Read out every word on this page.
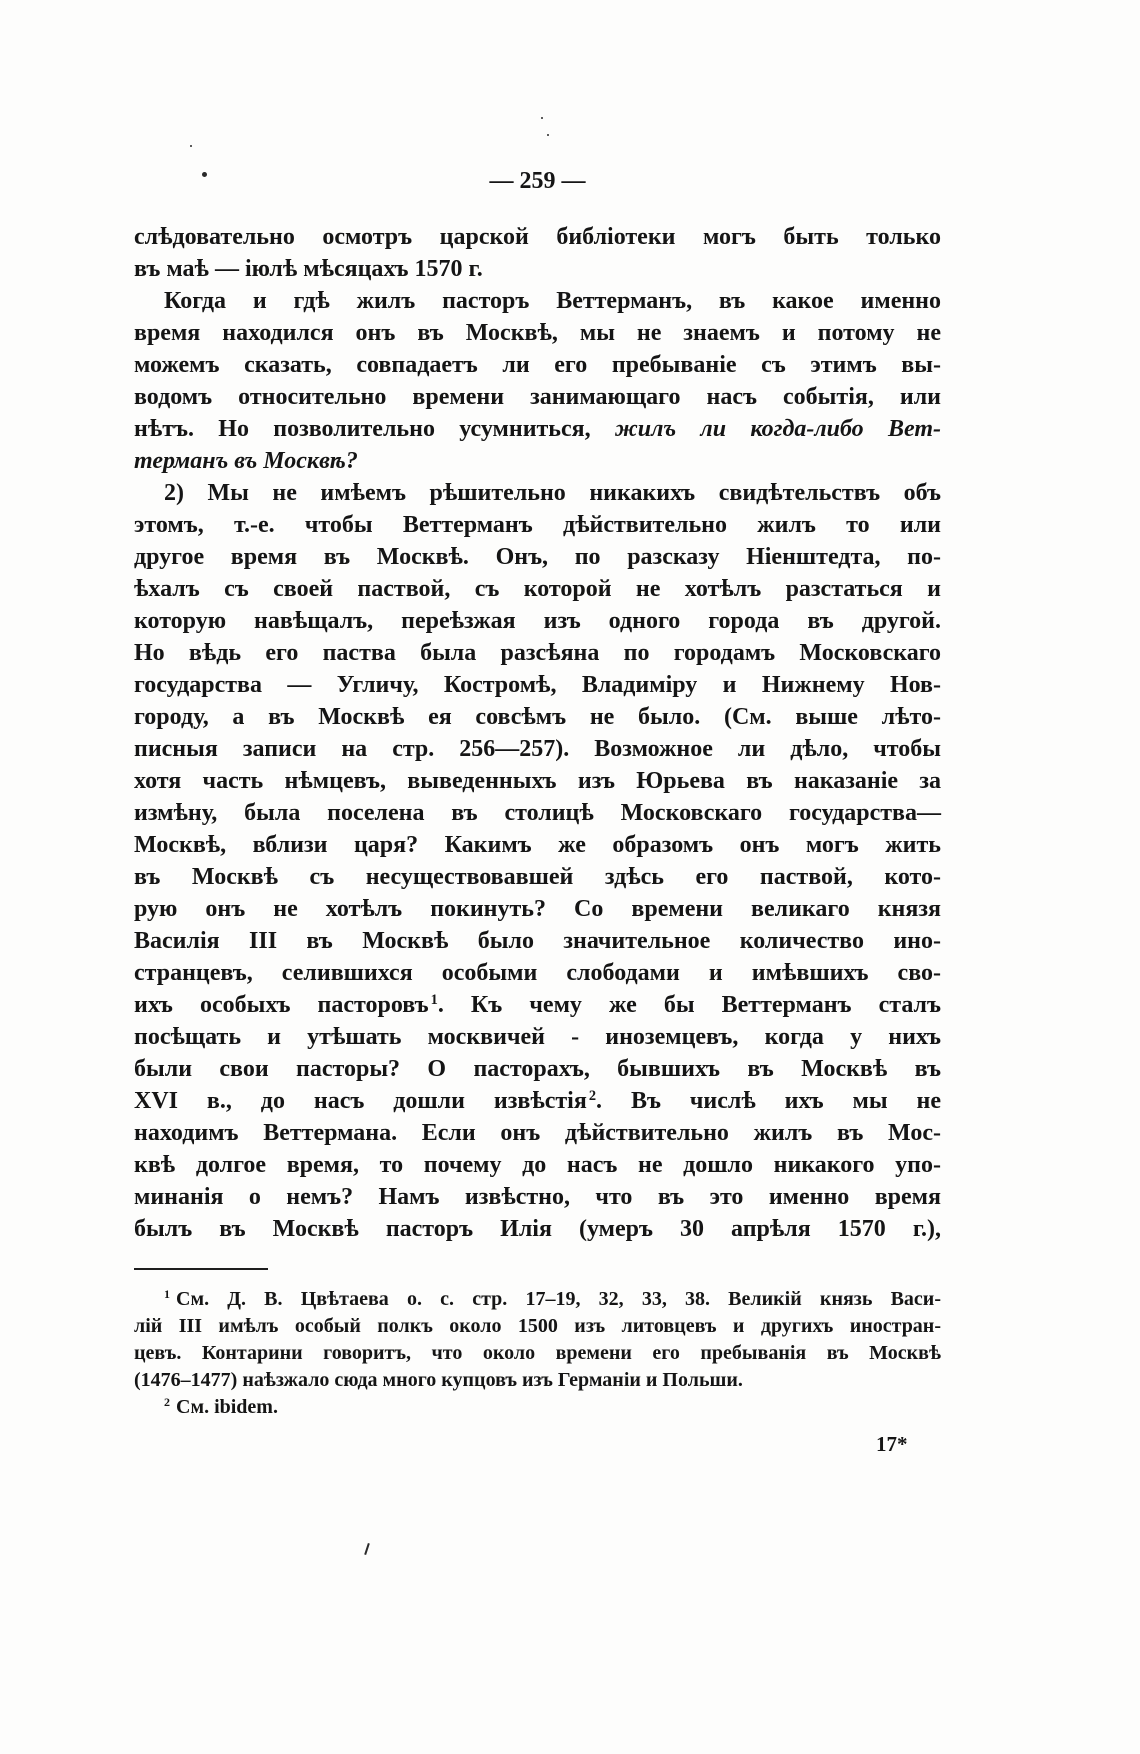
— 259 —
слѣдовательно осмотръ царской библіотеки могъ быть только
въ маѣ — іюлѣ мѣсяцахъ 1570 г.
Когда и гдѣ жилъ пасторъ Веттерманъ, въ какое именно
время находился онъ въ Москвѣ, мы не знаемъ и потому не
можемъ сказать, совпадаетъ ли его пребываніе съ этимъ вы-
водомъ относительно времени занимающаго насъ событія, или
нѣтъ. Но позволительно усумниться, жилъ ли когда-либо Вет-
терманъ въ Москвѣ?
2) Мы не имѣемъ рѣшительно никакихъ свидѣтельствъ объ
этомъ, т.-е. чтобы Веттерманъ дѣйствительно жилъ то или
другое время въ Москвѣ. Онъ, по разсказу Ніенштедта, по-
ѣхалъ съ своей паствой, съ которой не хотѣлъ разстаться и
которую навѣщалъ, переѣзжая изъ одного города въ другой.
Но вѣдь его паства была разсѣяна по городамъ Московскаго
государства — Угличу, Костромѣ, Владиміру и Нижнему Нов-
городу, а въ Москвѣ ея совсѣмъ не было. (См. выше лѣто-
писныя записи на стр. 256—257). Возможное ли дѣло, чтобы
хотя часть нѣмцевъ, выведенныхъ изъ Юрьева въ наказаніе за
измѣну, была поселена въ столицѣ Московскаго государства—
Москвѣ, вблизи царя? Какимъ же образомъ онъ могъ жить
въ Москвѣ съ несуществовавшей здѣсь его паствой, кото-
рую онъ не хотѣлъ покинуть? Со времени великаго князя
Василія III въ Москвѣ было значительное количество ино-
странцевъ, селившихся особыми слободами и имѣвшихъ сво-
ихъ особыхъ пасторовъ $^1$. Къ чему же бы Веттерманъ сталъ
посѣщать и утѣшать москвичей - иноземцевъ, когда у нихъ
были свои пасторы? О пасторахъ, бывшихъ въ Москвѣ въ
XVI в., до насъ дошли извѣстія $^2$. Въ числѣ ихъ мы не
находимъ Веттермана. Если онъ дѣйствительно жилъ въ Мос-
квѣ долгое время, то почему до насъ не дошло никакого упо-
минанія о немъ? Намъ извѣстно, что въ это именно время
былъ въ Москвѣ пасторъ Илія (умеръ 30 апрѣля 1570 г.),
$^1$ См. Д. В. Цвѣтаева о. с. стр. 17–19, 32, 33, 38. Великій князь Васи-
лій III имѣлъ особый полкъ около 1500 изъ литовцевъ и другихъ иностран-
цевъ. Контарини говоритъ, что около времени его пребыванія въ Москвѣ
(1476–1477) наѣзжало сюда много купцовъ изъ Германіи и Польши.
$^2$ См. ibidem.
17*
